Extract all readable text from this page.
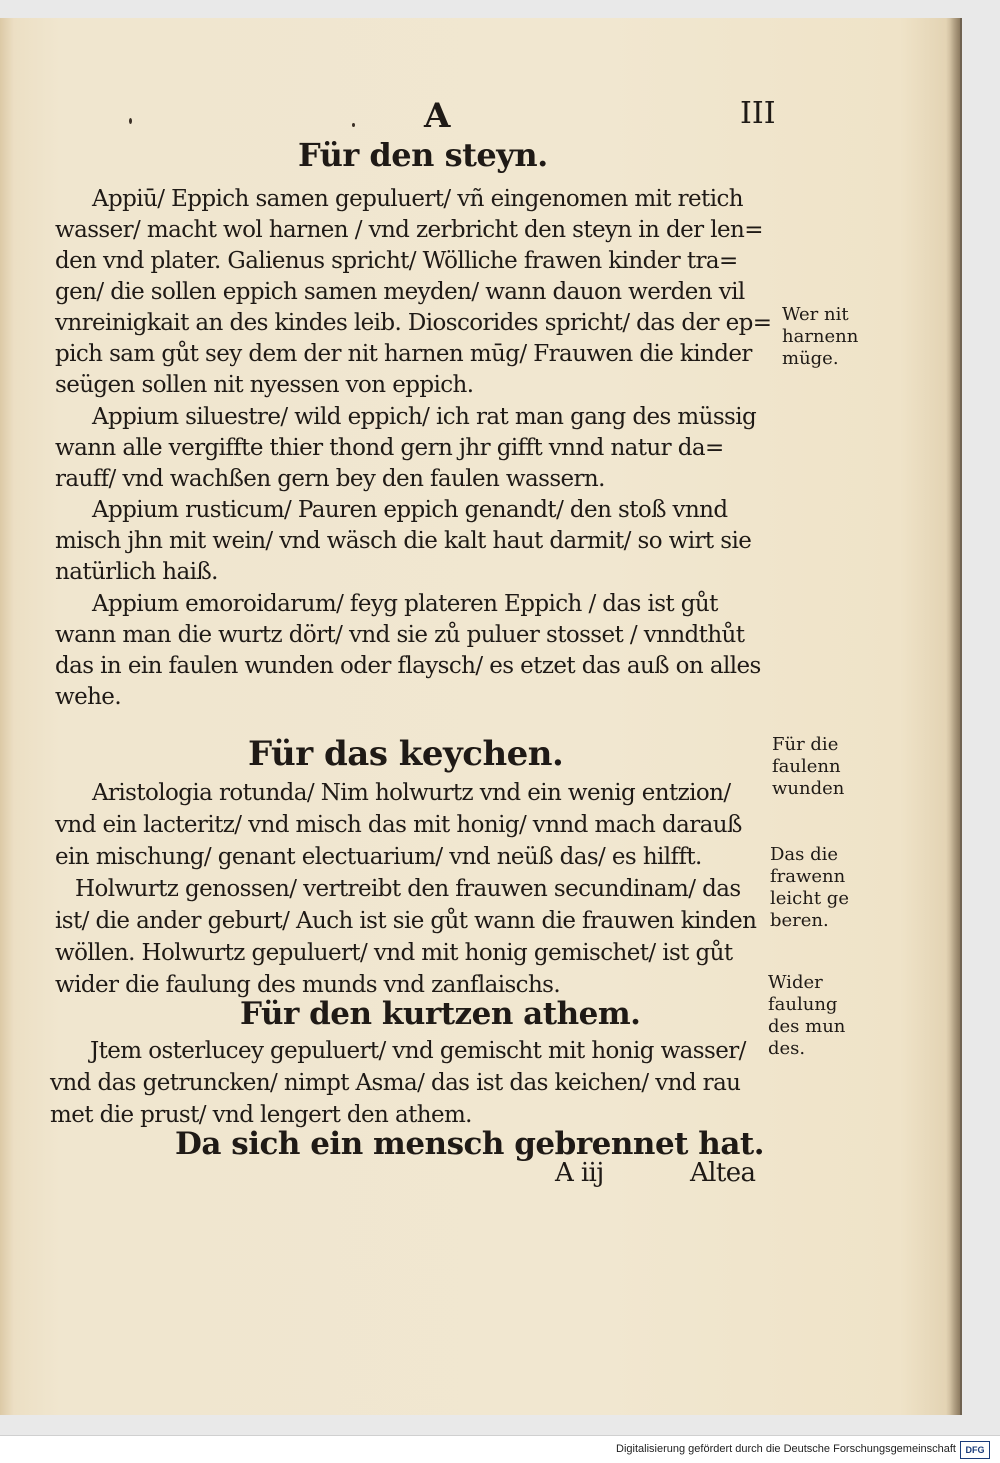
A	III
Für den steyn.
Appiū/ Eppich samen gepuluert/ vñ eingenomen mit retich
wasser/ macht wol harnen / vnd zerbricht den steyn in der len=
den vnd plater. Galienus spricht/ Wölliche frawen kinder tra=
gen/ die sollen eppich samen meyden/ wann dauon werden vil
vnreinigkait an des kindes leib. Dioscorides spricht/ das der ep=
pich sam gůt sey dem der nit harnen mūg/ Frauwen die kinder
seügen sollen nit nyessen von eppich.
Appium siluestre/ wild eppich/ ich rat man gang des müssig
wann alle vergiffte thier thond gern jhr gifft vnnd natur da=
rauff/ vnd wachßen gern bey den faulen wassern.
Appium rusticum/ Pauren eppich genandt/ den stoß vnnd
misch jhn mit wein/ vnd wäsch die kalt haut darmit/ so wirt sie
natürlich haiß.
Appium emoroidarum/ feyg plateren Eppich / das ist gůt
wann man die wurtz dört/ vnd sie zů puluer stosset / vnndthůt
das in ein faulen wunden oder flaysch/ es etzet das auß on alles
wehe.
Für das keychen.
Aristologia rotunda/ Nim holwurtz vnd ein wenig entzion/
vnd ein lacteritz/ vnd misch das mit honig/ vnnd mach darauß
ein mischung/ genant electuarium/ vnd neüß das/ es hilfft.
Holwurtz genossen/ vertreibt den frauwen secundinam/ das
ist/ die ander geburt/ Auch ist sie gůt wann die frauwen kinden
wöllen. Holwurtz gepuluert/ vnd mit honig gemischet/ ist gůt
wider die faulung des munds vnd zanflaischs.
Für den kurtzen athem.
Jtem osterlucey gepuluert/ vnd gemischt mit honig wasser/
vnd das getruncken/ nimpt Asma/ das ist das keichen/ vnd rau
met die prust/ vnd lengert den athem.
Da sich ein mensch gebrennet hat.
A iij	Altea
Wer nit
harnenn
müge.
Für die
faulenn
wunden
Das die
frawenn
leicht ge
beren.
Wider
faulung
des mun
des.
Digitalisierung gefördert durch die Deutsche Forschungsgemeinschaft	DFG
